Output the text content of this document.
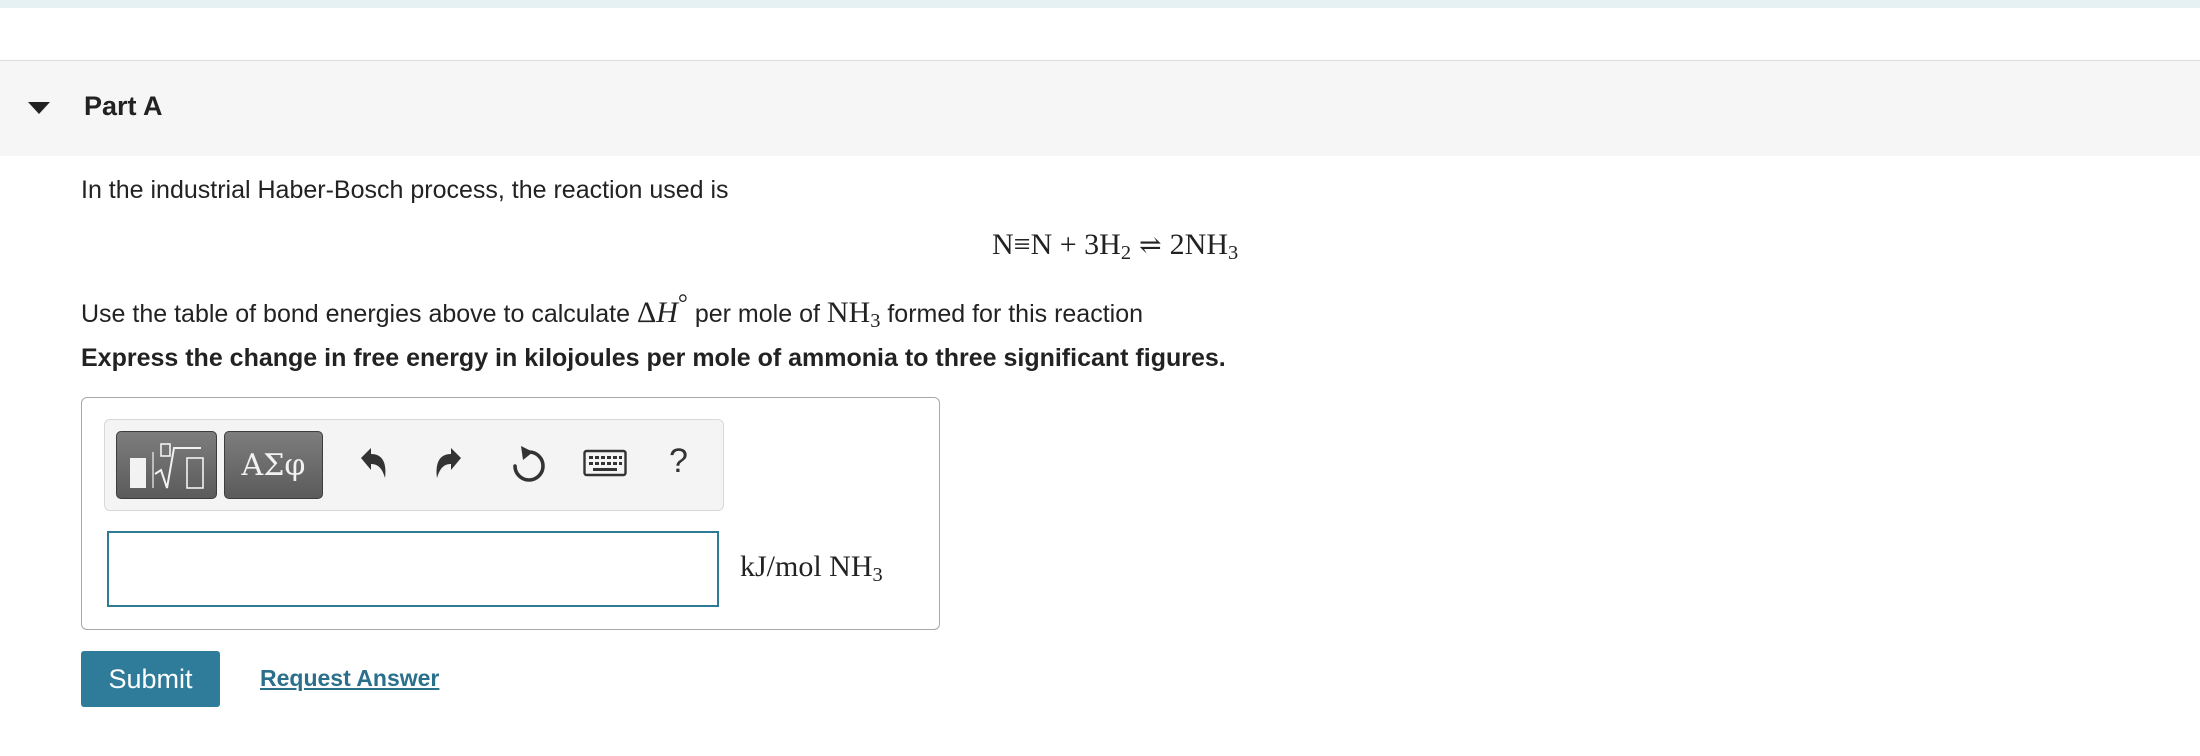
Part A
In the industrial Haber-Bosch process, the reaction used is
$N\equiv N + 3H_2$ ⇌ $2NH_3$
Use the table of bond energies above to calculate ΔH° per mole of $NH_3$ formed for this reaction
Express the change in free energy in kilojoules per mole of ammonia to three significant figures.
ΑΣφ	?
kJ/mol $NH_3$
Submit	Request Answer
